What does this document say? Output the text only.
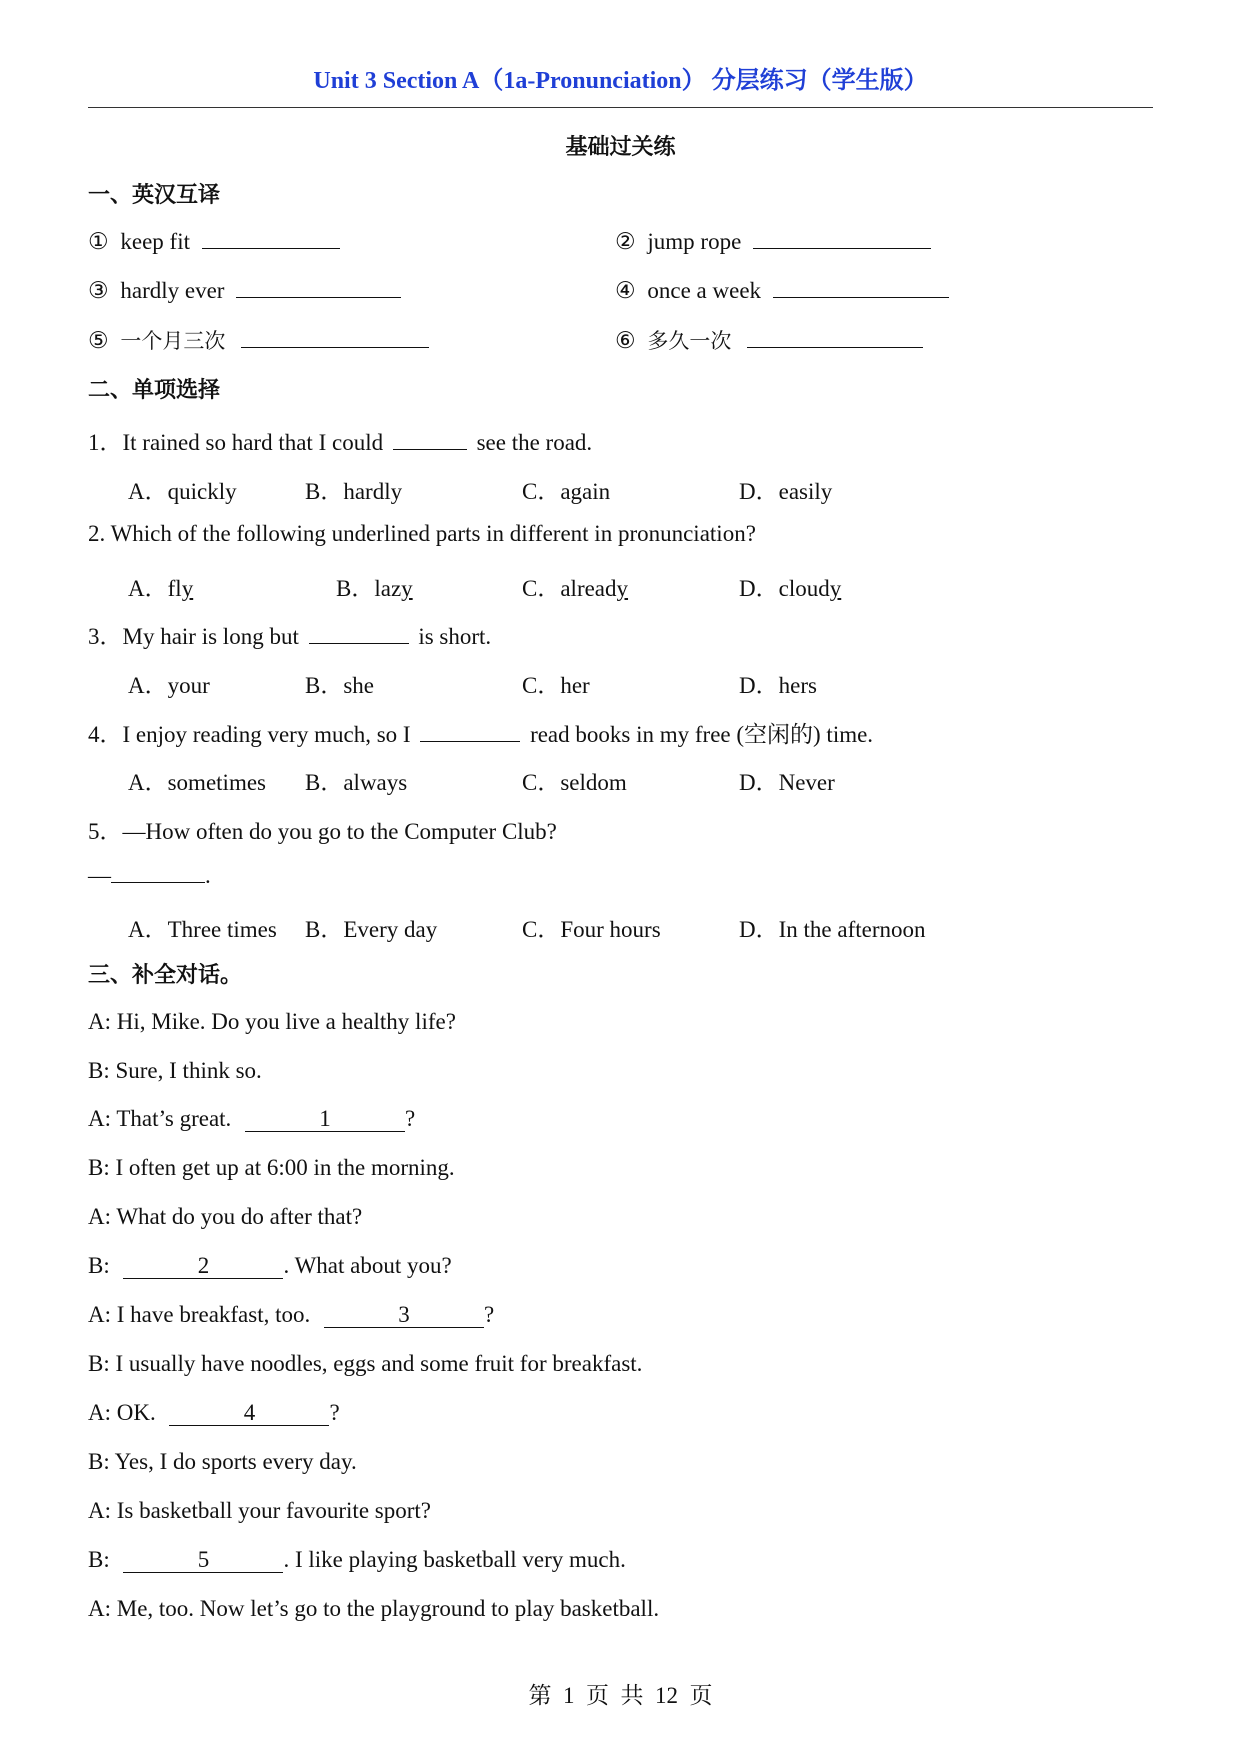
Unit 3 Section A（1a-Pronunciation） 分层练习（学生版）
基础过关练
一、英汉互译
① keep fit	② jump rope
③ hardly ever	④ once a week
⑤ 一个月三次	⑥ 多久一次
二、单项选择
1．It rained so hard that I could	see the road.
A．quickly	B．hardly	C．again	D．easily
2. Which of the following underlined parts in different in pronunciation?
A．fly	B．lazy	C．already	D．cloudy
3．My hair is long but	is short.
A．your	B．she	C．her	D．hers
4．I enjoy reading very much, so I	read books in my free (空闲的) time.
A．sometimes B．always	C．seldom	D．Never
5．—How often do you go to the Computer Club?
—	.
A．Three times B．Every day	C．Four hours	D．In the afternoon
三、补全对话。
A: Hi, Mike. Do you live a healthy life?
B: Sure, I think so.
A: That’s great.	1	?
B: I often get up at 6:00 in the morning.
A: What do you do after that?
B:	2	. What about you?
A: I have breakfast, too.	3	?
B: I usually have noodles, eggs and some fruit for breakfast.
A: OK.	4	?
B: Yes, I do sports every day.
A: Is basketball your favourite sport?
B:	5	. I like playing basketball very much.
A: Me, too. Now let’s go to the playground to play basketball.
第  1  页  共  12  页
